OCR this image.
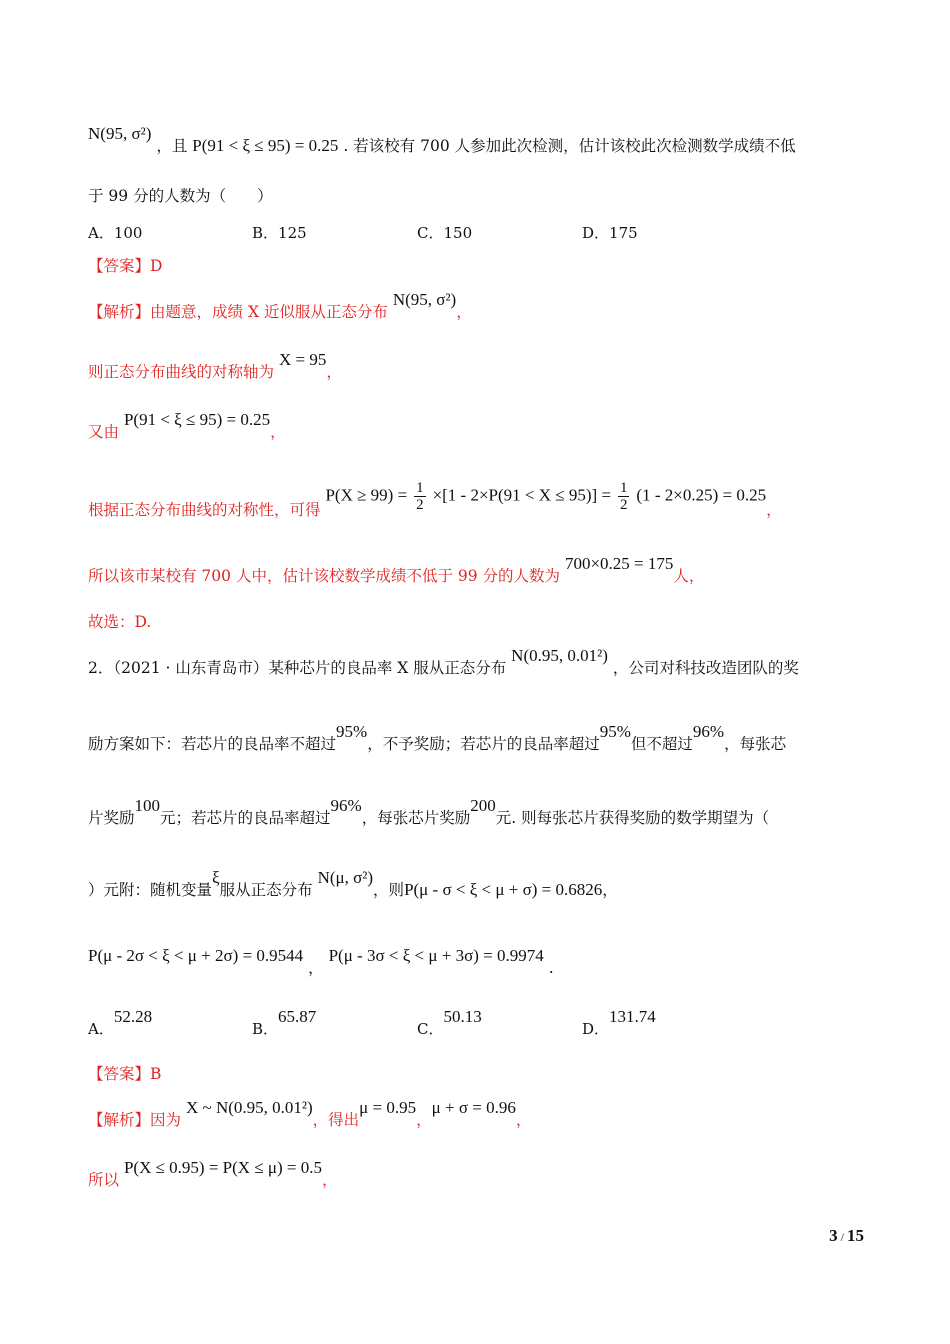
N(95, σ²) ，且 P(91 < ξ ≤ 95) = 0.25 . 若该校有 700 人参加此次检测，估计该校此次检测数学成绩不低
于 99 分的人数为（　　）
A．100	B．125	C．150	D．175
【答案】D
【解析】由题意，成绩 X 近似服从正态分布 N(95, σ²)，
则正态分布曲线的对称轴为 X = 95，
又由 P(91 < ξ ≤ 95) = 0.25，
根据正态分布曲线的对称性，可得 $P(X \ge 99) = \frac{1}{2} \times[1 - 2\times P(91 < X \le 95)] = \frac{1}{2} (1 - 2\times 0.25) = 0.25$，
所以该市某校有 700 人中，估计该校数学成绩不低于 99 分的人数为 700×0.25 = 175人，
故选：D.
2．（2021 · 山东青岛市）某种芯片的良品率 X 服从正态分布 N(0.95, 0.01²) ，公司对科技改造团队的奖
励方案如下：若芯片的良品率不超过95%，不予奖励；若芯片的良品率超过95%但不超过96%，每张芯
片奖励100元；若芯片的良品率超过96%，每张芯片奖励200元. 则每张芯片获得奖励的数学期望为（
）元附：随机变量ξ服从正态分布 N(μ, σ²)，则P(μ - σ < ξ < μ + σ) = 0.6826，
P(μ - 2σ < ξ < μ + 2σ) = 0.9544 ， P(μ - 3σ < ξ < μ + 3σ) = 0.9974 .
A．52.28
B．65.87
C．50.13
D．131.74
【答案】B
【解析】因为 X ~ N(0.95, 0.01²)，得出μ = 0.95，μ + σ = 0.96，
所以 P(X ≤ 0.95) = P(X ≤ μ) = 0.5，
3 / 15
